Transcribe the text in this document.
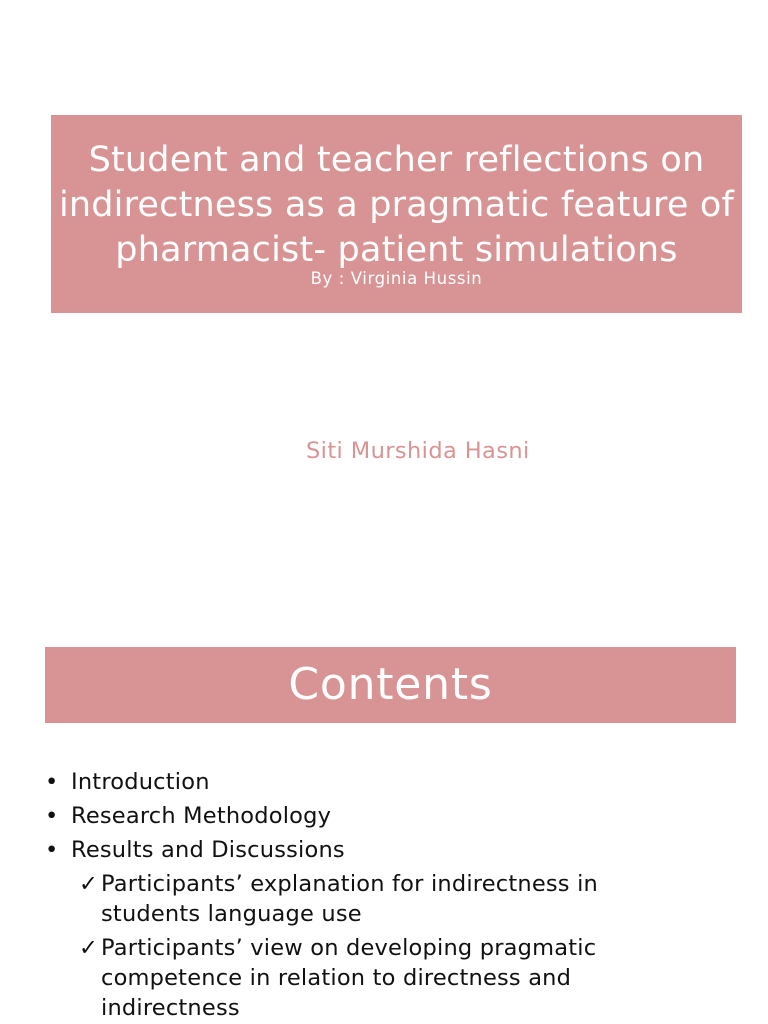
Student and teacher reflections on indirectness as a pragmatic feature of pharmacist- patient simulations

By : Virginia Hussin

Siti Murshida Hasni
Contents
• Introduction
• Research Methodology
• Results and Discussions
✓ Participants’ explanation for indirectness in students language use
✓ Participants’ view on developing pragmatic competence in relation to directness and indirectness
